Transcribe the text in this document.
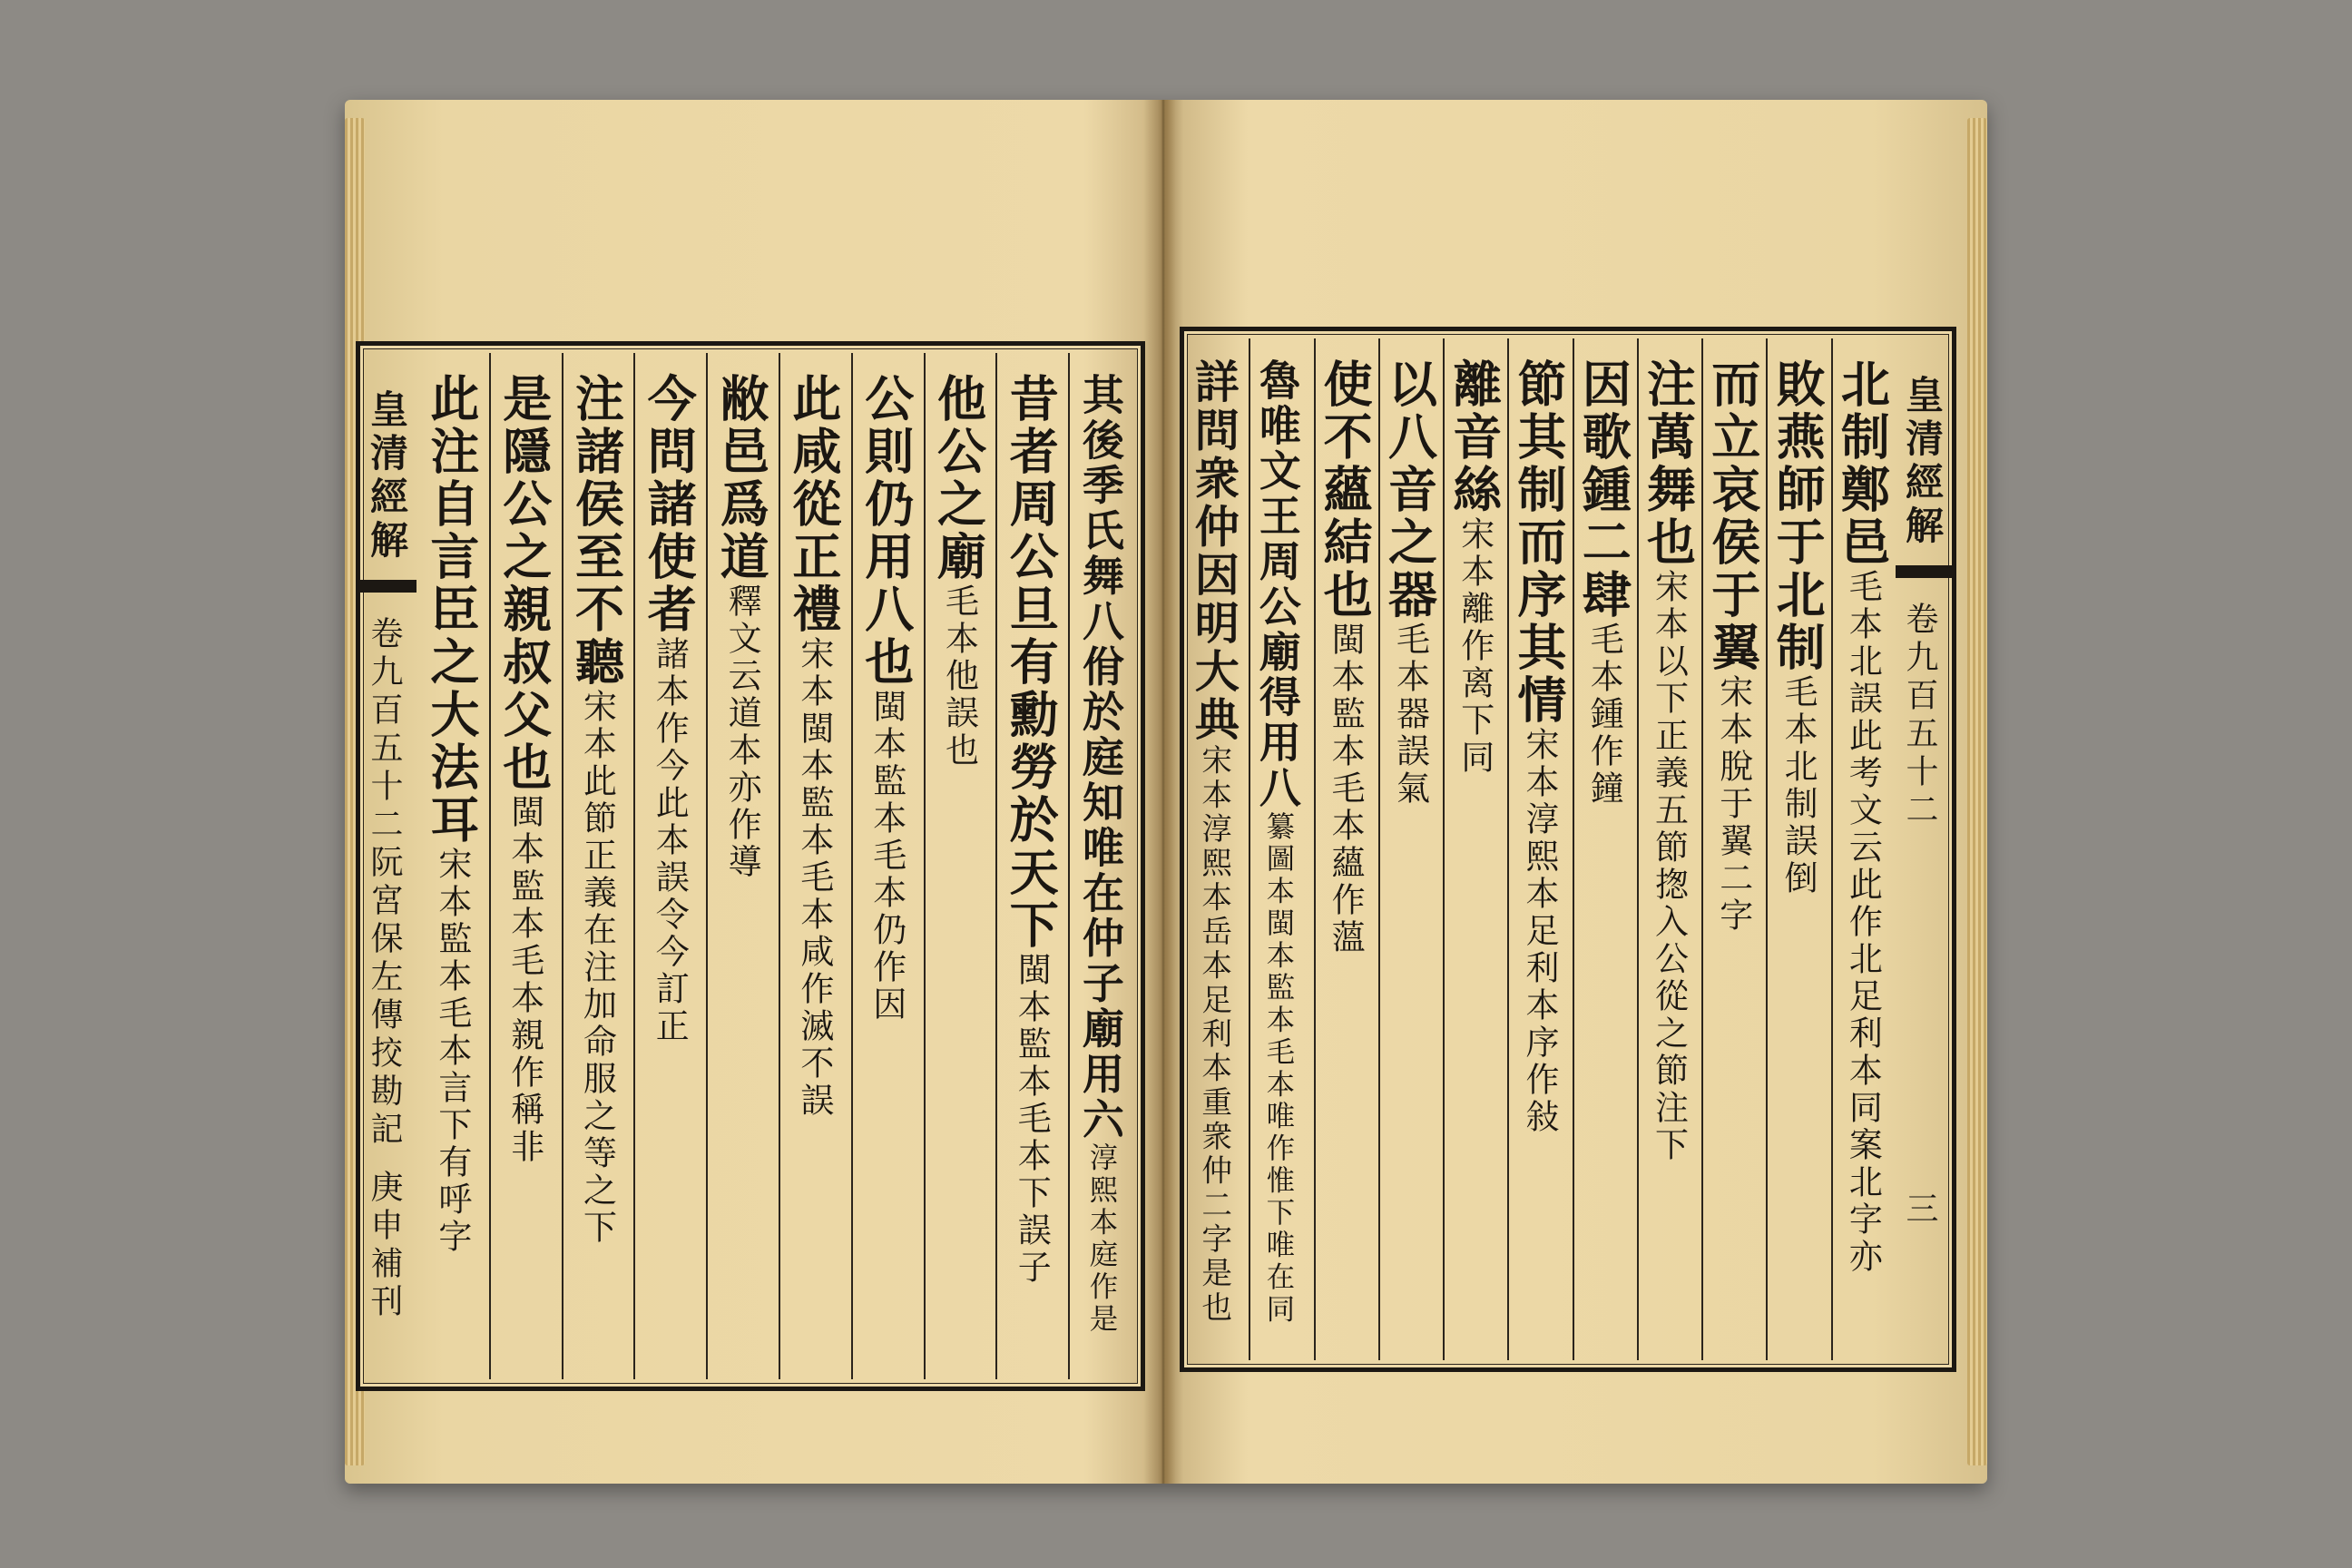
皇清經解
卷九百五十二阮宮保左傳挍勘記
庚申補刊
其後季氏舞八佾於庭知唯在仲子廟用六淳熙本庭作是
昔者周公旦有勳勞於天下閩本監本毛本下誤子
他公之廟毛本他誤也
公則仍用八也閩本監本毛本仍作因
此咸從正禮宋本閩本監本毛本咸作滅不誤
敝邑爲道釋文云道本亦作導
今問諸使者諸本作今此本誤令今訂正
注諸侯至不聽宋本此節正義在注加命服之等之下
是隱公之親叔父也閩本監本毛本親作稱非
此注自言臣之大法耳宋本監本毛本言下有呼字
皇清經解
卷九百五十二
三
北制鄭邑毛本北誤此考文云此作北足利本同案北字亦
敗燕師于北制毛本北制誤倒
而立哀侯于翼宋本脫于翼二字
注萬舞也宋本以下正義五節揔入公從之節注下
因歌鍾二肆毛本鍾作鐘
節其制而序其情宋本淳熙本足利本序作敍
離音絲宋本離作离下同
以八音之器毛本器誤氣
使不蘊結也閩本監本毛本蘊作薀
魯唯文王周公廟得用八纂圖本閩本監本毛本唯作惟下唯在同
詳問衆仲因明大典宋本淳熙本岳本足利本重衆仲二字是也
